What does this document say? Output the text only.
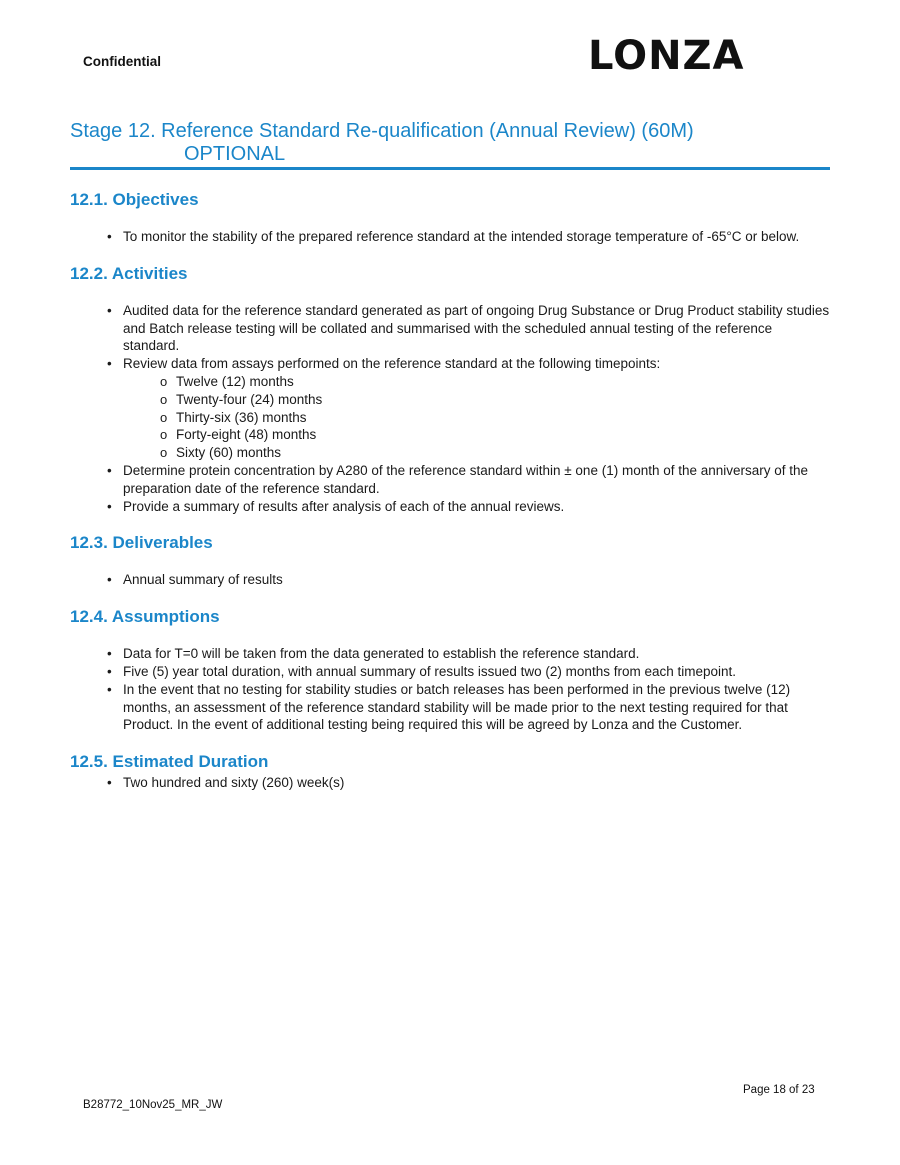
Confidential	LONZA
Stage 12. Reference Standard Re-qualification (Annual Review) (60M)
OPTIONAL
12.1. Objectives
• To monitor the stability of the prepared reference standard at the intended storage temperature of -65°C or below.
12.2. Activities
• Audited data for the reference standard generated as part of ongoing Drug Substance or Drug Product stability studies and Batch release testing will be collated and summarised with the scheduled annual testing of the reference standard.
• Review data from assays performed on the reference standard at the following timepoints:
o Twelve (12) months
o Twenty-four (24) months
o Thirty-six (36) months
o Forty-eight (48) months
o Sixty (60) months
• Determine protein concentration by A280 of the reference standard within ± one (1) month of the anniversary of the preparation date of the reference standard.
• Provide a summary of results after analysis of each of the annual reviews.
12.3. Deliverables
• Annual summary of results
12.4. Assumptions
• Data for T=0 will be taken from the data generated to establish the reference standard.
• Five (5) year total duration, with annual summary of results issued two (2) months from each timepoint.
• In the event that no testing for stability studies or batch releases has been performed in the previous twelve (12) months, an assessment of the reference standard stability will be made prior to the next testing required for that Product. In the event of additional testing being required this will be agreed by Lonza and the Customer.
12.5. Estimated Duration
• Two hundred and sixty (260) week(s)
Page 18 of 23
B28772_10Nov25_MR_JW
